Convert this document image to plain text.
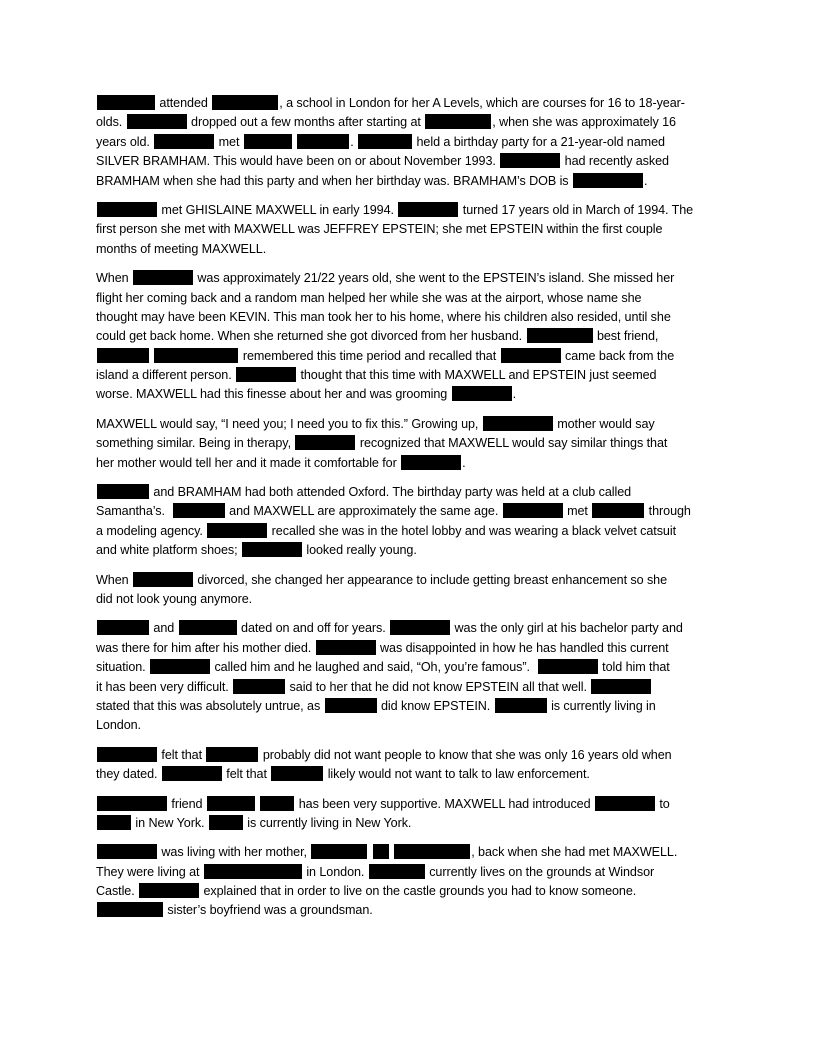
attended	, a school in London for her A Levels, which are courses for 16 to 18-year-
olds.	dropped out a few months after starting at	, when she was approximately 16
years old.	met	.	held a birthday party for a 21-year-old named
SILVER BRAMHAM. This would have been on or about November 1993.	had recently asked
BRAMHAM when she had this party and when her birthday was. BRAMHAM’s DOB is	.
met GHISLAINE MAXWELL in early 1994.	turned 17 years old in March of 1994. The
first person she met with MAXWELL was JEFFREY EPSTEIN; she met EPSTEIN within the first couple
months of meeting MAXWELL.
When	was approximately 21/22 years old, she went to the EPSTEIN’s island. She missed her
flight her coming back and a random man helped her while she was at the airport, whose name she
thought may have been KEVIN. This man took her to his home, where his children also resided, until she
could get back home. When she returned she got divorced from her husband.	best friend,
remembered this time period and recalled that	came back from the
island a different person.	thought that this time with MAXWELL and EPSTEIN just seemed
worse. MAXWELL had this finesse about her and was grooming	.
MAXWELL would say, “I need you; I need you to fix this.” Growing up,	mother would say
something similar. Being in therapy,	recognized that MAXWELL would say similar things that
her mother would tell her and it made it comfortable for	.
and BRAMHAM had both attended Oxford. The birthday party was held at a club called
Samantha’s.	and MAXWELL are approximately the same age.	met	through
a modeling agency.	recalled she was in the hotel lobby and was wearing a black velvet catsuit
and white platform shoes;	looked really young.
When	divorced, she changed her appearance to include getting breast enhancement so she
did not look young anymore.
and	dated on and off for years.	was the only girl at his bachelor party and
was there for him after his mother died.	was disappointed in how he has handled this current
situation.	called him and he laughed and said, “Oh, you’re famous”.	told him that
it has been very difficult.	said to her that he did not know EPSTEIN all that well.
stated that this was absolutely untrue, as	did know EPSTEIN.	is currently living in
London.
felt that	probably did not want people to know that she was only 16 years old when
they dated.	felt that	likely would not want to talk to law enforcement.
friend	has been very supportive. MAXWELL had introduced	to
in New York.	is currently living in New York.
was living with her mother,	, back when she had met MAXWELL.
They were living at	in London.	currently lives on the grounds at Windsor
Castle.	explained that in order to live on the castle grounds you had to know someone.
sister’s boyfriend was a groundsman.
